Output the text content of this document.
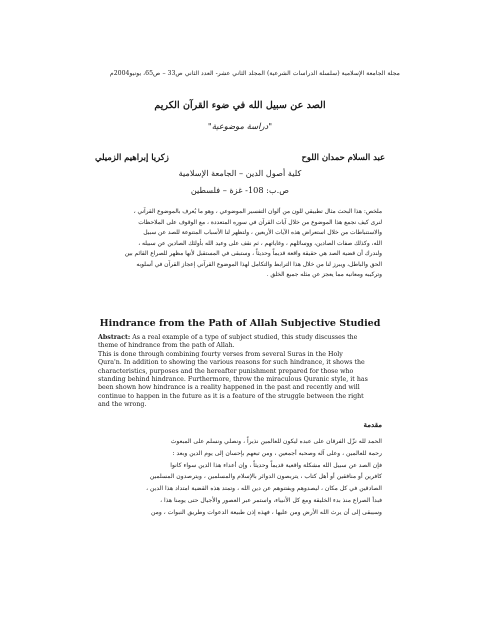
مجلة الجامعة الإسلامية (سلسلة الدراسات الشرعية) المجلد الثاني عشر- العدد الثاني ص33 – ص65، يونيو2004م
الصد عن سبيل الله في ضوء القرآن الكريم
"دراسة موضوعية"
عبد السلام حمدان اللوح
زكريا إبراهيم الزميلي
كلية أصول الدين – الجامعة الإسلامية
ص.ب: 108- غزة – فلسطين

ملخص: هذا البحث مثال تطبيقي للون من ألوان التفسير الموضوعي ، وهو ما يُعرف بالموضوع القرآني ،

لنرى كيف نجمع هذا الموضوع من خلال آيات القرآن في سوره المتعددة ، مع الوقوف على الملاحظات

والاستنباطات من خلال استعراض هذه الآيات الأربعين ، ولتظهر لنا الأسباب المتنوعة للصد عن سبيل

الله، وكذلك صفات الصادين، ووسائلهم ، وغاياتهم ، ثم نقف على وعيد الله بأولئك الصادين عن سبيله ،

ولندرك أن قضية الصد هي حقيقة واقعة قديماً وحديثاً ، وستبقى في المستقبل لأنها مظهر للصراع القائم بين

الحق والباطل، ويبرز لنا من خلال هذا الترابط والتكامل لهذا الموضوع القرآني إعجاز القرآن في أسلوبه

وتركيبه ومعانيه مما يعجز عن مثله جميع الخلق .

Hindrance from the Path of Allah Subjective Studied

Abstract: As a real example of a type of subject studied, this study discusses the

theme of hindrance from the path of Allah.

This is done through combining fourty verses from several Suras in the Holy

Qura'n. In addition to showing the various reasons for such hindrance, it shows the

characteristics, purposes and the hereafter punishment prepared for those who

standing behind hindrance. Furthermore, throw the miraculous Quranic style, it has

been shown how hindrance is a reality happened in the past and recently and will

continue to happen in the future as it is a feature of the struggle between the right

and the wrong.

مقدمة

الحمد لله نزّل الفرقان على عبده ليكون للعالمين نذيراً ، ونصلي ونسلم على المبعوث

رحمة للعالمين ، وعلى آله وصحبه أجمعين ، ومن تبعهم بإحسان إلى يوم الدين وبعد :

فإن الصد عن سبيل الله مشكلة واقعية قديماً وحديثاً ، وإن أعداء هذا الدين سواء كانوا

كافرين أو منافقين أو أهل كتاب ، يتربصون الدوائر بالإسلام والمسلمين ، ويترصدون المسلمين

الصادقين في كل مكان ، ليصدوهم ويفتنوهم عن دين الله ، وتمتد هذه القضية امتداد هذا الدين ،

فبدأ الصراع منذ بدء الخليقة ومع كل الأنبياء، واستمر عبر العصور والأجيال حتى يومنا هذا ،

وسيبقى إلى أن يرث الله الأرض ومن عليها ، فهذه إذن طبيعة الدعوات وطريق النبوات ، ومن
